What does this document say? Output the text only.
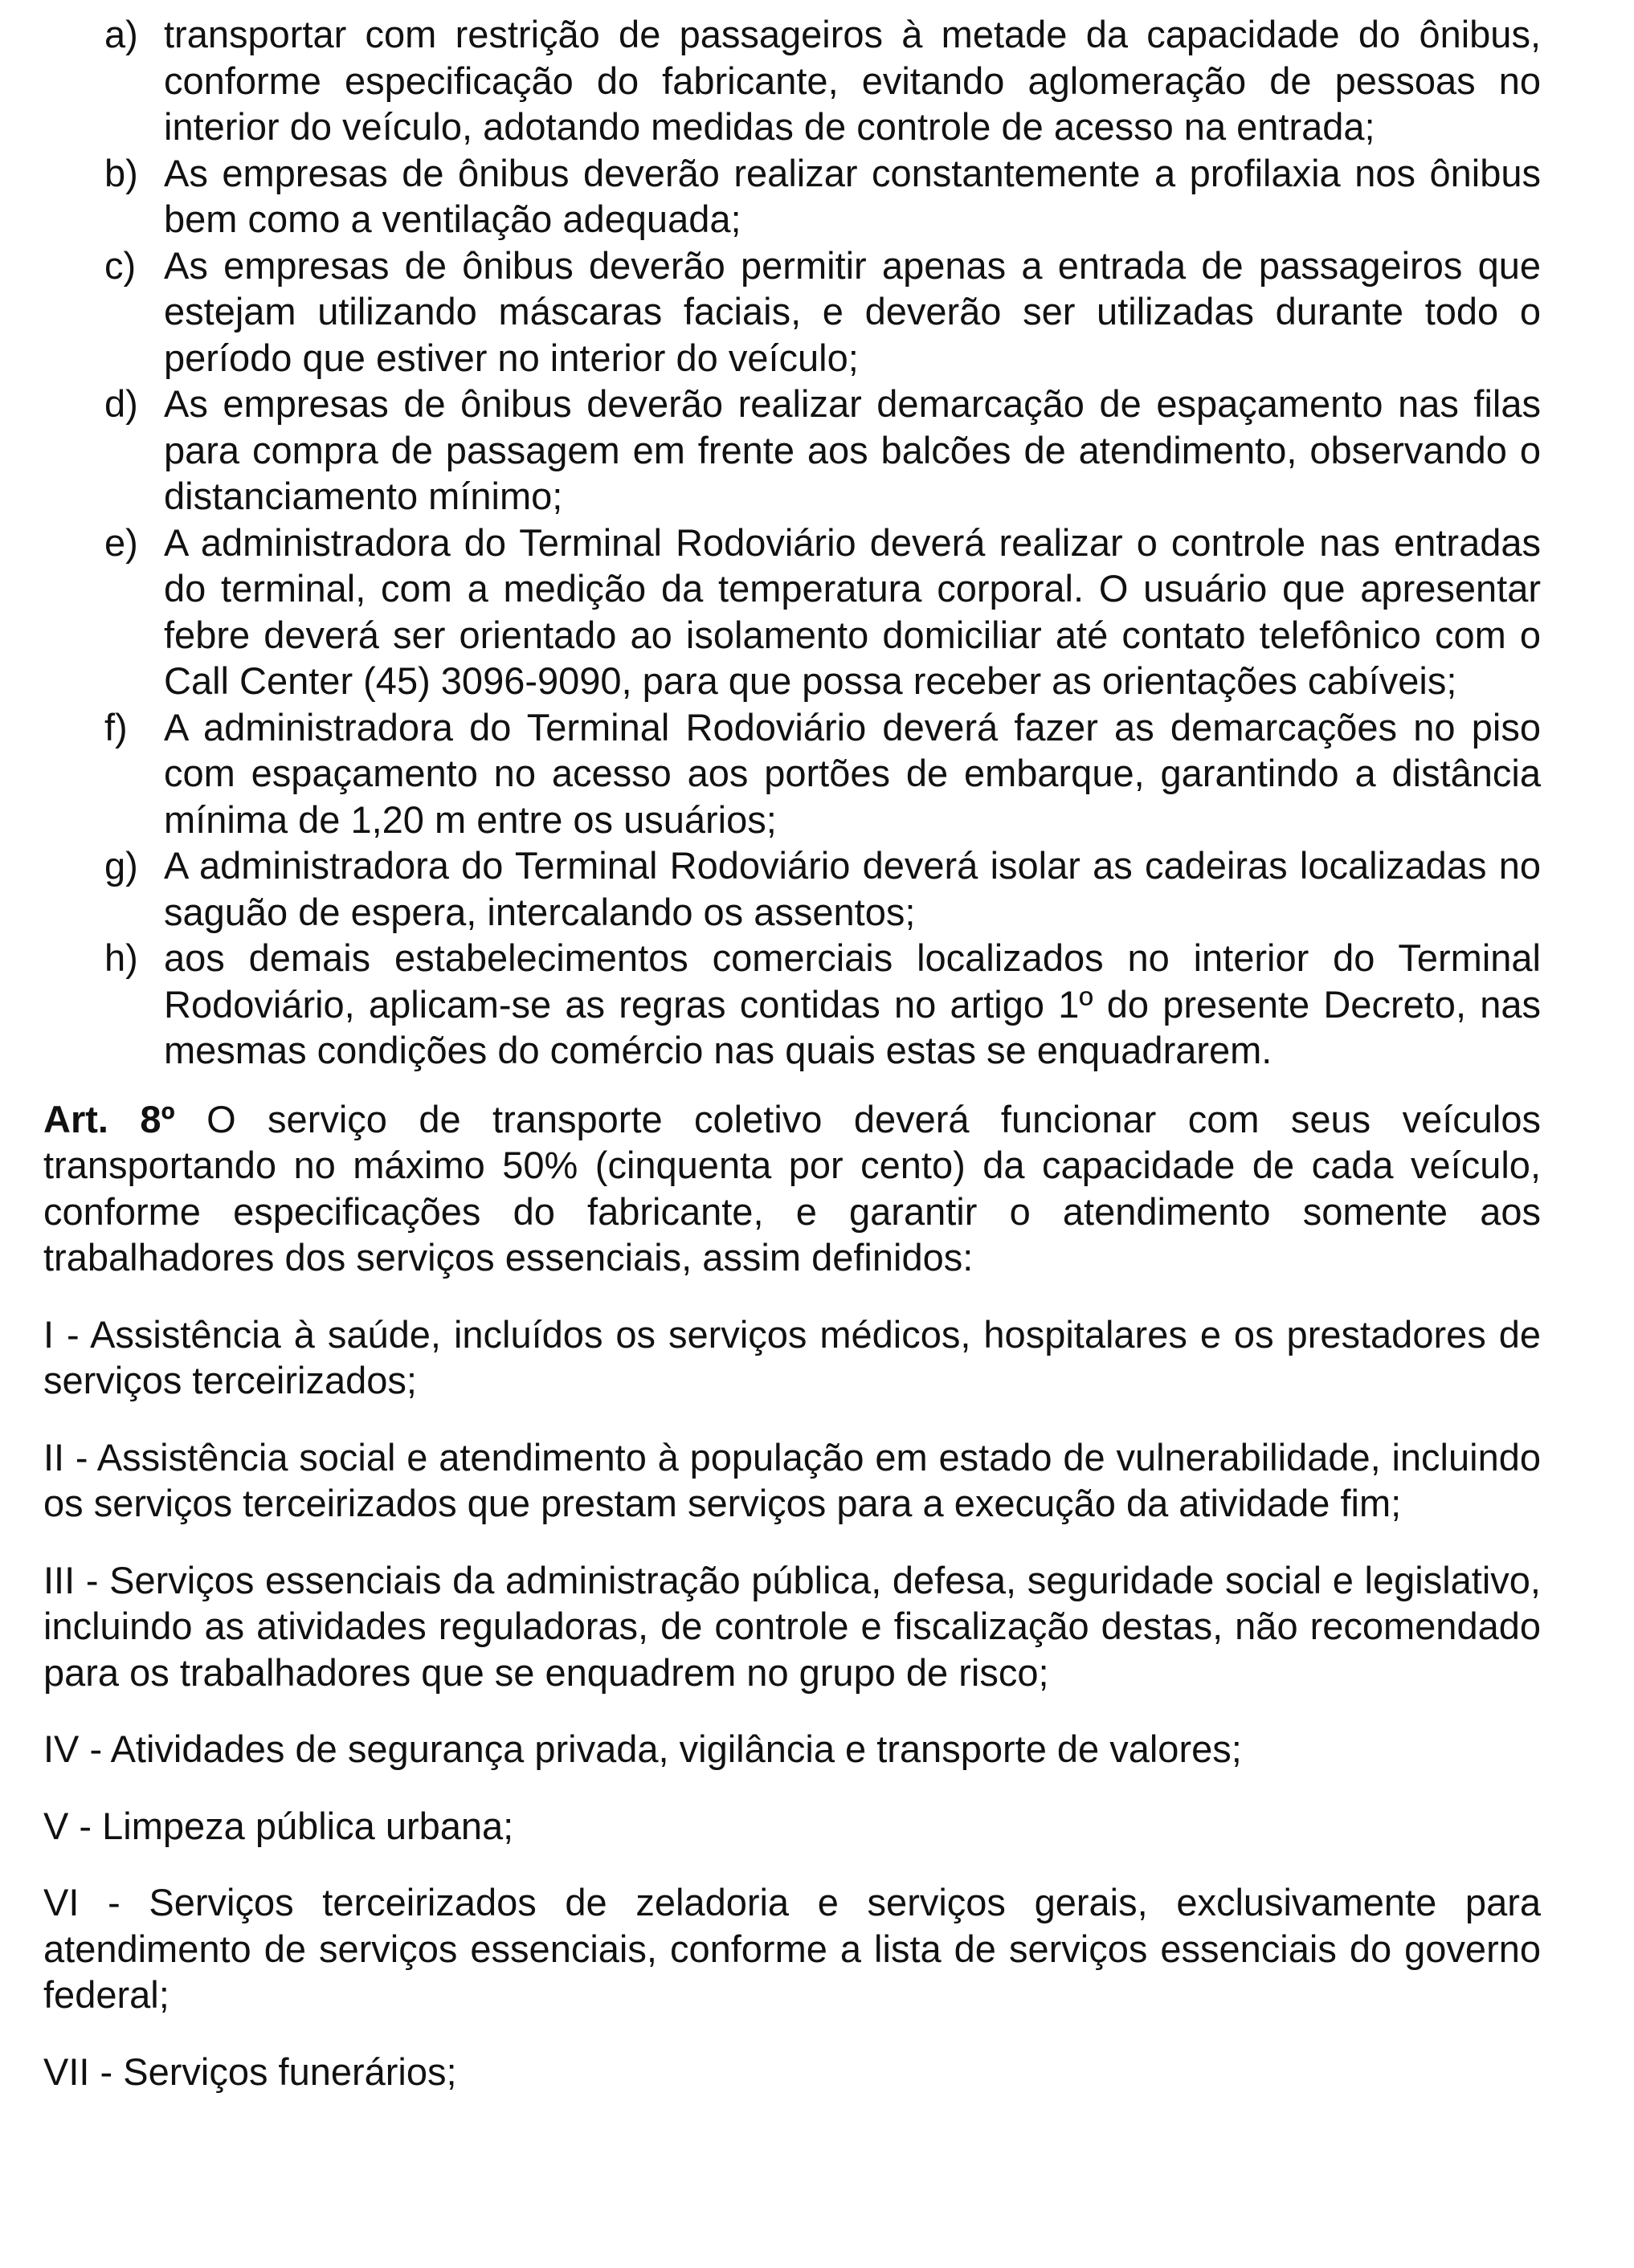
a) transportar com restrição de passageiros à metade da capacidade do ônibus, conforme especificação do fabricante, evitando aglomeração de pessoas no interior do veículo, adotando medidas de controle de acesso na entrada;
b) As empresas de ônibus deverão realizar constantemente a profilaxia nos ônibus bem como a ventilação adequada;
c) As empresas de ônibus deverão permitir apenas a entrada de passageiros que estejam utilizando máscaras faciais, e deverão ser utilizadas durante todo o período que estiver no interior do veículo;
d) As empresas de ônibus deverão realizar demarcação de espaçamento nas filas para compra de passagem em frente aos balcões de atendimento, observando o distanciamento mínimo;
e) A administradora do Terminal Rodoviário deverá realizar o controle nas entradas do terminal, com a medição da temperatura corporal. O usuário que apresentar febre deverá ser orientado ao isolamento domiciliar até contato telefônico com o Call Center (45) 3096-9090, para que possa receber as orientações cabíveis;
f) A administradora do Terminal Rodoviário deverá fazer as demarcações no piso com espaçamento no acesso aos portões de embarque, garantindo a distância mínima de 1,20 m entre os usuários;
g) A administradora do Terminal Rodoviário deverá isolar as cadeiras localizadas no saguão de espera, intercalando os assentos;
h) aos demais estabelecimentos comerciais localizados no interior do Terminal Rodoviário, aplicam-se as regras contidas no artigo 1º do presente Decreto, nas mesmas condições do comércio nas quais estas se enquadrarem.

Art. 8º O serviço de transporte coletivo deverá funcionar com seus veículos transportando no máximo 50% (cinquenta por cento) da capacidade de cada veículo, conforme especificações do fabricante, e garantir o atendimento somente aos trabalhadores dos serviços essenciais, assim definidos:

I - Assistência à saúde, incluídos os serviços médicos, hospitalares e os prestadores de serviços terceirizados;

II - Assistência social e atendimento à população em estado de vulnerabilidade, incluindo os serviços terceirizados que prestam serviços para a execução da atividade fim;

III - Serviços essenciais da administração pública, defesa, seguridade social e legislativo, incluindo as atividades reguladoras, de controle e fiscalização destas, não recomendado para os trabalhadores que se enquadrem no grupo de risco;

IV - Atividades de segurança privada, vigilância e transporte de valores;

V - Limpeza pública urbana;

VI - Serviços terceirizados de zeladoria e serviços gerais, exclusivamente para atendimento de serviços essenciais, conforme a lista de serviços essenciais do governo federal;

VII - Serviços funerários;
